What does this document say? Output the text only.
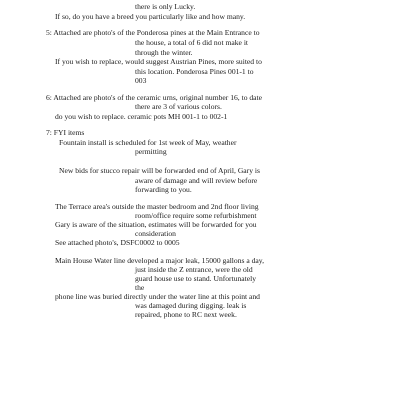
there is only Lucky.
If so, do you have a breed you particularly like and how many.
5: Attached are photo's of the Ponderosa pines at the Main Entrance to
the house, a total of 6 did not make it
through the winter.
If you wish to replace, would suggest Austrian Pines, more suited to
this location. Ponderosa Pines 001-1 to
003
6: Attached are photo's of the ceramic urns, original number 16, to date
there are 3 of various colors.
do you wish to replace. ceramic pots MH 001-1 to 002-1
7: FYI items
Fountain install is scheduled for 1st week of May, weather
permitting
New bids for stucco repair will be forwarded end of April, Gary is
aware of damage and will review before
forwarding to you.
The Terrace area's outside the master bedroom and 2nd floor living
room/office require some refurbishment
Gary is aware of the situation, estimates will be forwarded for you
consideration
See attached photo's, DSFC0002 to 0005
Main House Water line developed a major leak, 15000 gallons a day,
just inside the Z entrance, were the old
guard house use to stand. Unfortunately
the
phone line was buried directly under the water line at this point and
was damaged during digging. leak is
repaired, phone to RC next week.
